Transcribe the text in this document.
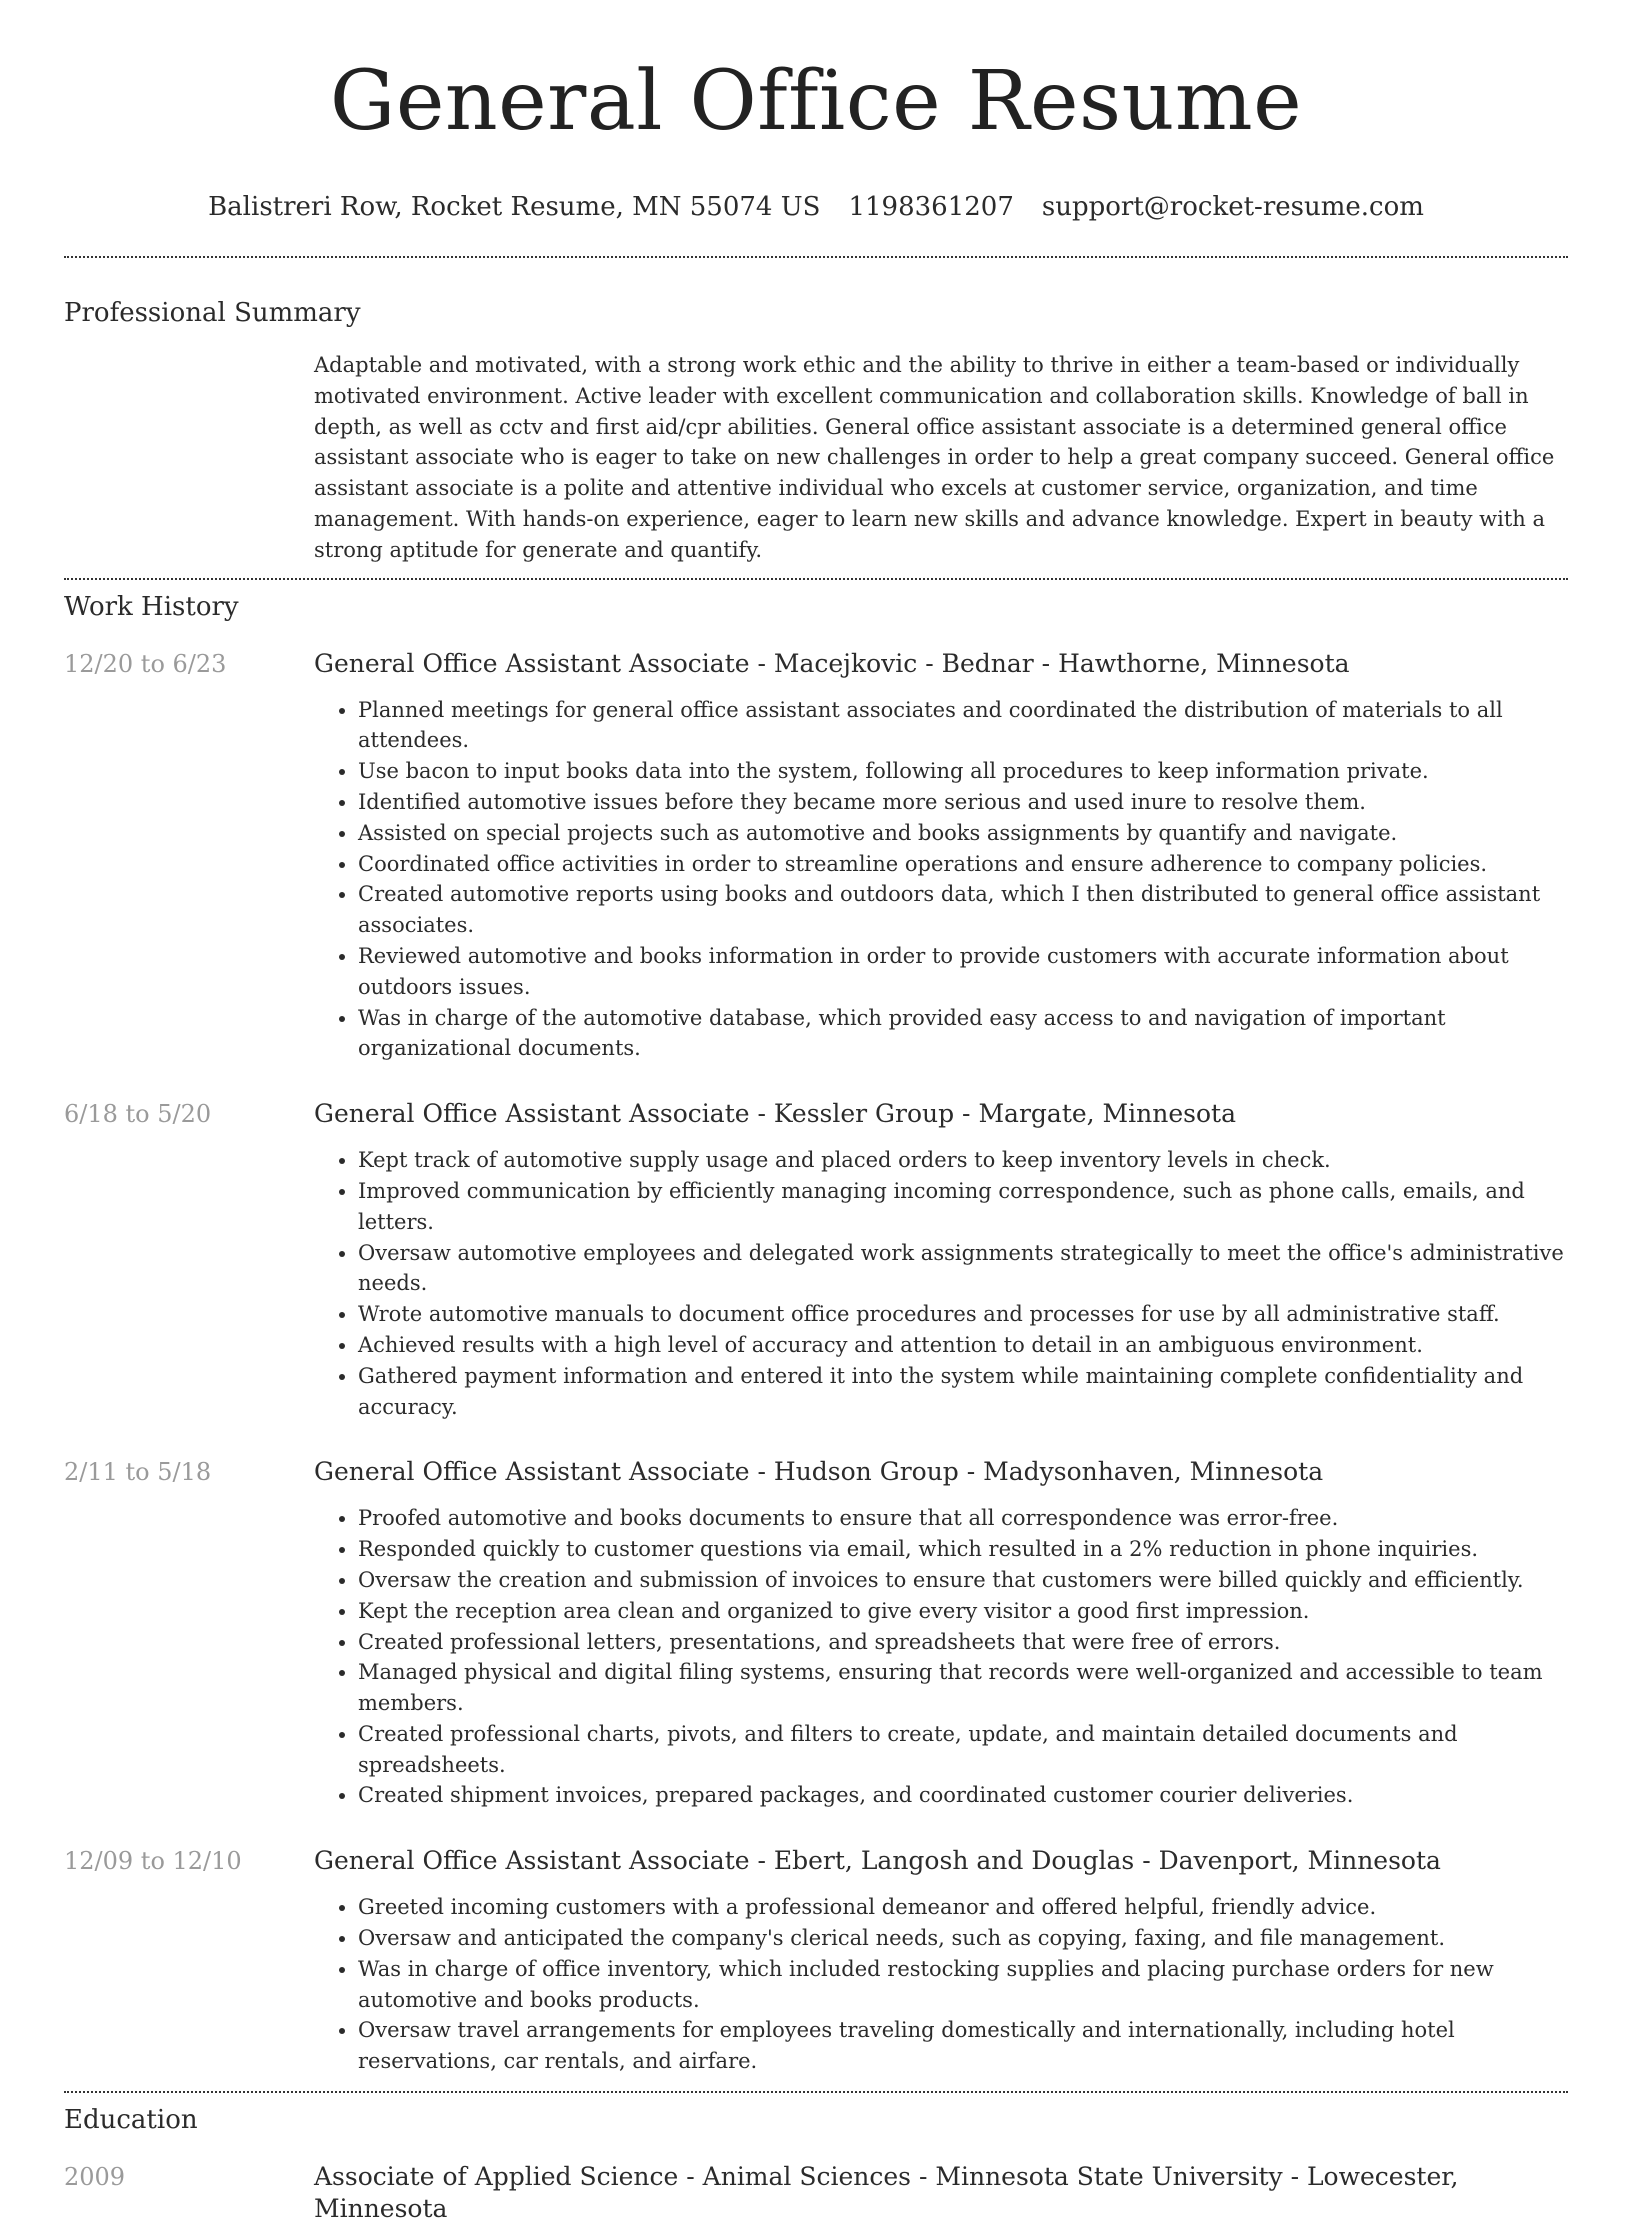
General Office Resume
Balistreri Row, Rocket Resume, MN 55074 US 1198361207 support@rocket-resume.com
Professional Summary

Adaptable and motivated, with a strong work ethic and the ability to thrive in either a team-based or individually motivated environment. Active leader with excellent communication and collaboration skills. Knowledge of ball in depth, as well as cctv and first aid/cpr abilities. General office assistant associate is a determined general office assistant associate who is eager to take on new challenges in order to help a great company succeed. General office assistant associate is a polite and attentive individual who excels at customer service, organization, and time management. With hands-on experience, eager to learn new skills and advance knowledge. Expert in beauty with a strong aptitude for generate and quantify.

Work History
12/20 to 6/23	General Office Assistant Associate - Macejkovic - Bednar - Hawthorne, Minnesota
• Planned meetings for general office assistant associates and coordinated the distribution of materials to all attendees.
• Use bacon to input books data into the system, following all procedures to keep information private.
• Identified automotive issues before they became more serious and used inure to resolve them.
• Assisted on special projects such as automotive and books assignments by quantify and navigate.
• Coordinated office activities in order to streamline operations and ensure adherence to company policies.
• Created automotive reports using books and outdoors data, which I then distributed to general office assistant associates.
• Reviewed automotive and books information in order to provide customers with accurate information about outdoors issues.
• Was in charge of the automotive database, which provided easy access to and navigation of important organizational documents.
6/18 to 5/20	General Office Assistant Associate - Kessler Group - Margate, Minnesota
• Kept track of automotive supply usage and placed orders to keep inventory levels in check.
• Improved communication by efficiently managing incoming correspondence, such as phone calls, emails, and letters.
• Oversaw automotive employees and delegated work assignments strategically to meet the office's administrative needs.
• Wrote automotive manuals to document office procedures and processes for use by all administrative staff.
• Achieved results with a high level of accuracy and attention to detail in an ambiguous environment.
• Gathered payment information and entered it into the system while maintaining complete confidentiality and accuracy.
2/11 to 5/18	General Office Assistant Associate - Hudson Group - Madysonhaven, Minnesota
• Proofed automotive and books documents to ensure that all correspondence was error-free.
• Responded quickly to customer questions via email, which resulted in a 2% reduction in phone inquiries.
• Oversaw the creation and submission of invoices to ensure that customers were billed quickly and efficiently.
• Kept the reception area clean and organized to give every visitor a good first impression.
• Created professional letters, presentations, and spreadsheets that were free of errors.
• Managed physical and digital filing systems, ensuring that records were well-organized and accessible to team members.
• Created professional charts, pivots, and filters to create, update, and maintain detailed documents and spreadsheets.
• Created shipment invoices, prepared packages, and coordinated customer courier deliveries.
12/09 to 12/10	General Office Assistant Associate - Ebert, Langosh and Douglas - Davenport, Minnesota
• Greeted incoming customers with a professional demeanor and offered helpful, friendly advice.
• Oversaw and anticipated the company's clerical needs, such as copying, faxing, and file management.
• Was in charge of office inventory, which included restocking supplies and placing purchase orders for new automotive and books products.
• Oversaw travel arrangements for employees traveling domestically and internationally, including hotel reservations, car rentals, and airfare.
Education
2009	Associate of Applied Science - Animal Sciences - Minnesota State University - Lowecester, Minnesota
